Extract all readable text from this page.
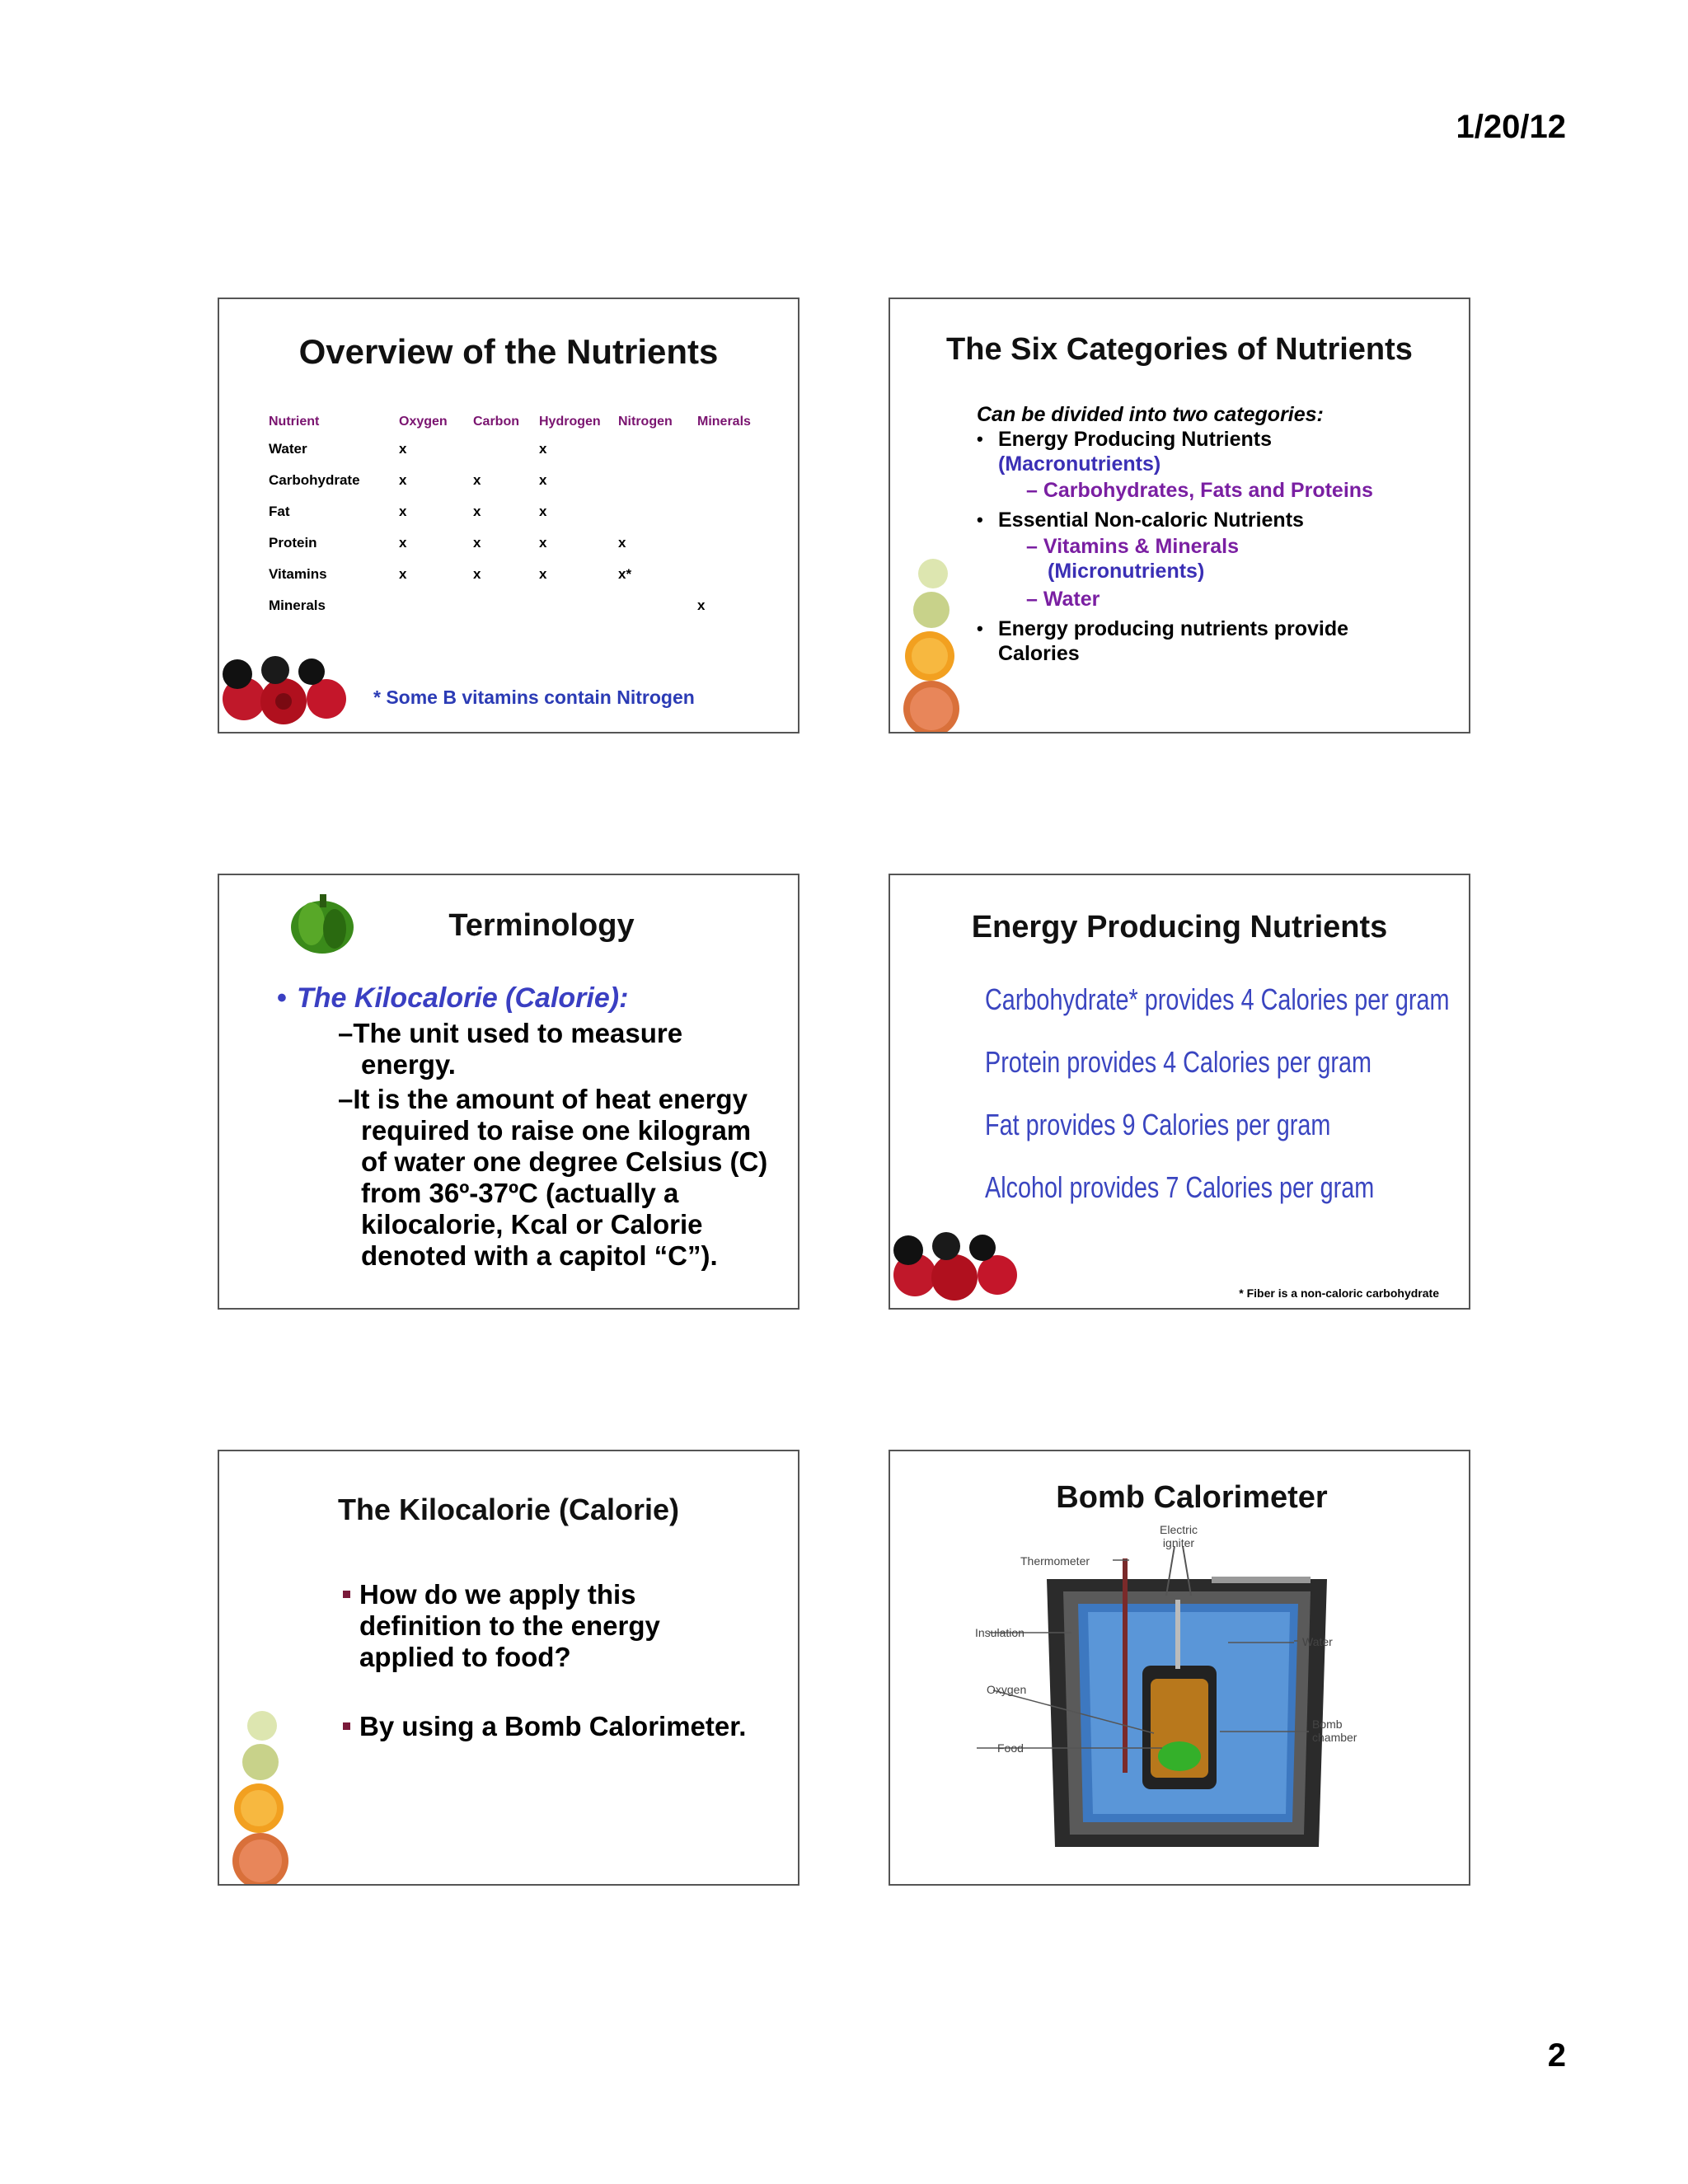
1/20/12
Overview of the Nutrients
Nutrient	Oxygen	Carbon	Hydrogen	Nitrogen	Minerals
Water	x		x		
Carbohydrate	x	x	x		
Fat	x	x	x		
Protein	x	x	x	x	
Vitamins	x	x	x	x*	
Minerals					x
* Some B vitamins contain Nitrogen
The Six Categories of Nutrients
Can be divided into two categories:
• Energy Producing Nutrients
(Macronutrients)
– Carbohydrates, Fats and Proteins
• Essential Non-caloric Nutrients
– Vitamins & Minerals
(Micronutrients)
– Water
• Energy producing nutrients provide Calories
Terminology
• The Kilocalorie (Calorie):
–The unit used to measure energy.
–It is the amount of heat energy required to raise one kilogram of water one degree Celsius (C) from 36º-37ºC (actually a kilocalorie, Kcal or Calorie denoted with a capitol “C”).
Energy Producing Nutrients
Carbohydrate* provides 4 Calories per gram
Protein provides 4 Calories per gram
Fat provides 9 Calories per gram
Alcohol provides 7 Calories per gram
* Fiber is a non-caloric carbohydrate
The Kilocalorie (Calorie)
How do we apply this definition to the energy applied to food?
By using a Bomb Calorimeter.
Bomb Calorimeter
Electric
igniter
Thermometer
Insulation
Water
Oxygen
Bomb
chamber
Food
2
